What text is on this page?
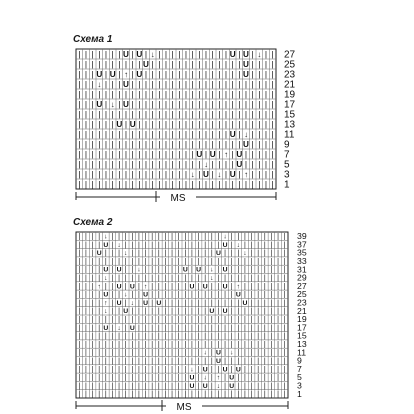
Схема 1
| | | | | | | U | U | ↓ | | | | | | | | | | | U | U | ↓ | |
| | | | | | | | | | U | | | | | | | | | | | | | | U | | | |
| | | U | U | ↑ | U | | | | | | | | | | | | | | | U | | | |
| | | ↓ | | | U | | | | | | | | | | | | | | | | | | | | | |
| | | | | | | | | | | | | | | | | | | | | | | | | | | | | |
| | | U | ↓ | U | | | | | | | | | | | | | | | | | | | | | |
| | | | | | | | | | | | | | | | | | | | | | | | | | | | | |
| | | | | | U | U | | | | | | | | | | | | | | | | | | | | |
| | | | | | | | | | | | | | | | | | | | | | | U | ↓ | | | |
| | | | | | | | | | | | | | | | | | | | | | | | | U | | | |
| | | | | | | | | | | | | | | | | | U | U | ↑ | U | | | | |
| | | | | | | | | | | | | | | | | | | ↓ | | | | U | | | | |
| | | | | | | | | | | | | | | | | ↓ | U | ↓ | U | ↑ | | | |
| | | | | | | | | | | | | | | | | | | | | | | | | | | | | |
27
25
23
21
19
17
15
13
11
9
7
5
3
1
MS
Схема 2
| | | | ↓ | | | | | | | | | | | | | | | | | ↓ | | | | | | | | |
| | | | U | ↓ | | | | | | | | | | | | | | | U | ↓ | | | | | | |
| | | U | | | ↓ | | | | | | | | | | | | | U | | | ↓ | | | | | |
| | | | | | | | | | | | | | | | | | | | | | | | | | | | | | | |
| | | | U | U | | ↓ | | | | | | U | U | ↓ | U | | | | | | | | |
| | | | ↓ | | | | | | | | | | | | | | | ↓ | | | | | | | | | | |
| | | ↑ | | U | U | ↑ | | | | | | U | U | | U | ↑ | | | | | | |
| | | | U | | ↓ | | U | | | | | | | | | | | | | U | | | | | | |
| | | | ↑ | U | ↓ | U | U | | | | | | | | | | | | U | | | | | |
| | | | ↓ | | U | | | | | | | | | | | | U | U | | | | | | | | |
| | | | | | | | | | | | | | | | | | | | | | | | | | | | | | | |
| | | | U | ↓ | U | | | | | | | | | | | | | | | | | | | | | | |
| | | | | | | | | | | | | | | | | | | | | | | | | | | | | | | |
| | | | | | | | | | | | | | | | | | | | | | | | | | | | | | | |
| | | | | | | | | | | | | | | | | | | ↓ | U | ↓ | | | | | | | |
| | | | | | | | | | | | | | | | | | | | | U | | | | | | | | | |
| | | | | | | | | | | | | | | | | ↓ | U | | U | U | | | | | | |
| | | | | | | | | | | | | | | | | U | ↓ | ↑ | U | | | | | | | |
| | | | | | | | | | | | | | | | | U | U | ↓ | U | | | | | | | |
| | | | | | | | | | | | | | | | | | | | | | | | | | | | | | | |
39
37
35
33
31
29
27
25
23
21
19
17
15
13
11
9
7
5
3
1
MS
